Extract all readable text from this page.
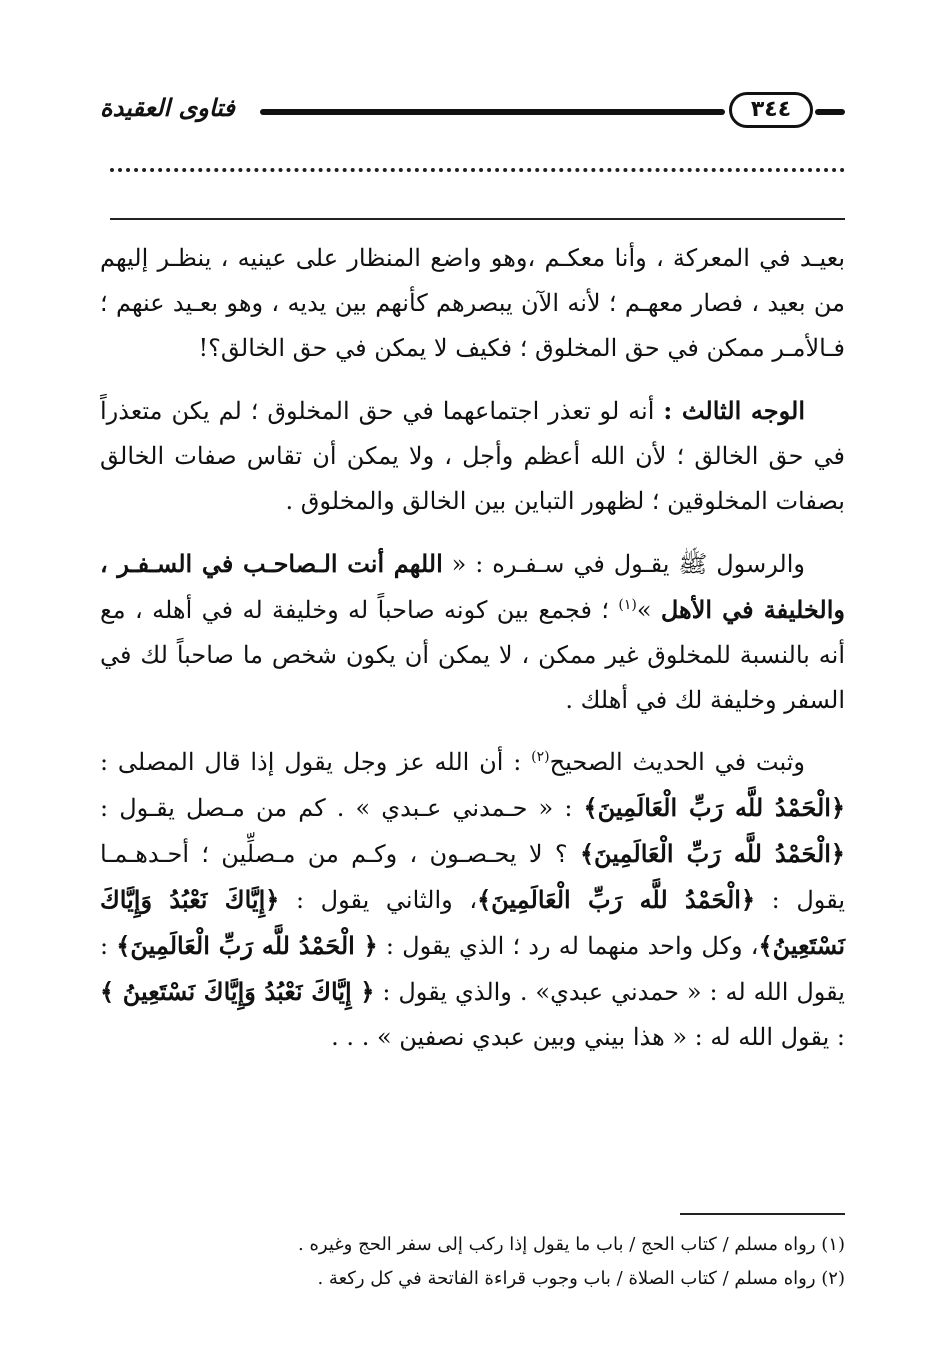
فتاوى العقيدة	٣٤٤

بعيـد في المعركة ، وأنا معكـم ،وهو واضع المنظار على عينيه ، ينظـر إليهم من بعيد ، فصار معهـم ؛ لأنه الآن يبصرهم كأنهم بين يديه ، وهو بعـيد عنهم ؛ فـالأمـر ممكن في حق المخلوق ؛ فكيف لا يمكن في حق الخالق؟!

الوجه الثالث : أنه لو تعذر اجتماعهما في حق المخلوق ؛ لم يكن متعذراً في حق الخالق ؛ لأن الله أعظم وأجل ، ولا يمكن أن تقاس صفات الخالق بصفات المخلوقين ؛ لظهور التباين بين الخالق والمخلوق .

والرسول ﷺ يقـول في سـفـره : « اللهم أنت الـصاحـب في السـفـر ، والخليفة في الأهل »$^{(١)}$ ؛ فجمع بين كونه صاحباً له وخليفة له في أهله ، مع أنه بالنسبة للمخلوق غير ممكن ، لا يمكن أن يكون شخص ما صاحباً لك في السفر وخليفة لك في أهلك .

وثبت في الحديث الصحيح$^{(٢)}$ : أن الله عز وجل يقول إذا قال المصلى : ﴿الْحَمْدُ للَّه رَبِّ الْعَالَمِينَ﴾ : « حـمدني عـبدي » . كم من مـصل يقـول : ﴿الْحَمْدُ للَّه رَبِّ الْعَالَمِينَ﴾ ؟ لا يحـصـون ، وكـم من مـصلِّين ؛ أحـدهـمـا يقول : ﴿الْحَمْدُ للَّه رَبِّ الْعَالَمِينَ﴾، والثاني يقول : ﴿إِيَّاكَ نَعْبُدُ وَإِيَّاكَ نَسْتَعِينُ﴾، وكل واحد منهما له رد ؛ الذي يقول : ﴿ الْحَمْدُ للَّه رَبِّ الْعَالَمِينَ﴾ : يقول الله له : « حمدني عبدي» . والذي يقول : ﴿ إِيَّاكَ نَعْبُدُ وَإِيَّاكَ نَسْتَعِينُ ﴾ : يقول الله له : « هذا بيني وبين عبدي نصفين » . . .

(١) رواه مسلم / كتاب الحج / باب ما يقول إذا ركب إلى سفر الحج وغيره .
(٢) رواه مسلم / كتاب الصلاة / باب وجوب قراءة الفاتحة في كل ركعة .
